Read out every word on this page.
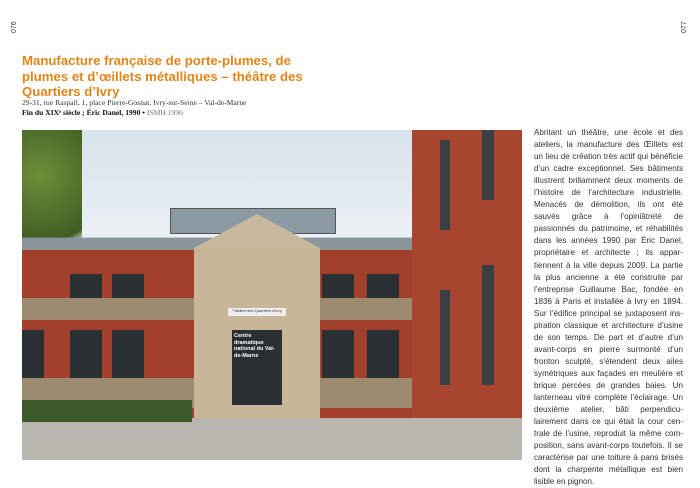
076	077
Manufacture française de porte-plumes, de plumes et d’œillets métalliques – théâtre des Quartiers d’Ivry
29-31, rue Raspail, 1, place Pierre-Gosnat, Ivry-sur-Seine – Val-de-Marne
Fin du XIXᵉ siècle ; Éric Danel, 1990 • ISMH 1996
Centre dramatique national du Val-de-Marne
Théâtre des Quartiers d'Ivry
Abritant un théâtre, une école et des ateliers, la manufacture des Œillets est un lieu de création très actif qui bénéficie d’un cadre exceptionnel. Ses bâtiments illustrent brillamment deux moments de l’histoire de l’architecture industrielle. Menacés de démolition, ils ont été sauvés grâce à l’opiniâtreté de passionnés du patrimoine, et réhabilités dans les années 1990 par Éric Danel, propriétaire et architecte ; ils appartiennent à la ville depuis 2009. La partie la plus ancienne a été construite par l’entreprise Guillaume Bac, fondée en 1836 à Paris et installée à Ivry en 1894. Sur l’édifice principal se juxtaposent inspiration classique et architecture d’usine de son temps. De part et d’autre d’un avant-corps en pierre surmonté d’un fronton sculpté, s’étendent deux ailes symétriques aux façades en meulière et brique percées de grandes baies. Un lanterneau vitré complète l’éclairage. Un deuxième atelier, bâti perpendiculairement dans ce qui était la cour centrale de l’usine, reproduit la même composition, sans avant-corps toutefois. Il se caractérise par une toiture à pans brisés dont la charpente métallique est bien lisible en pignon.
